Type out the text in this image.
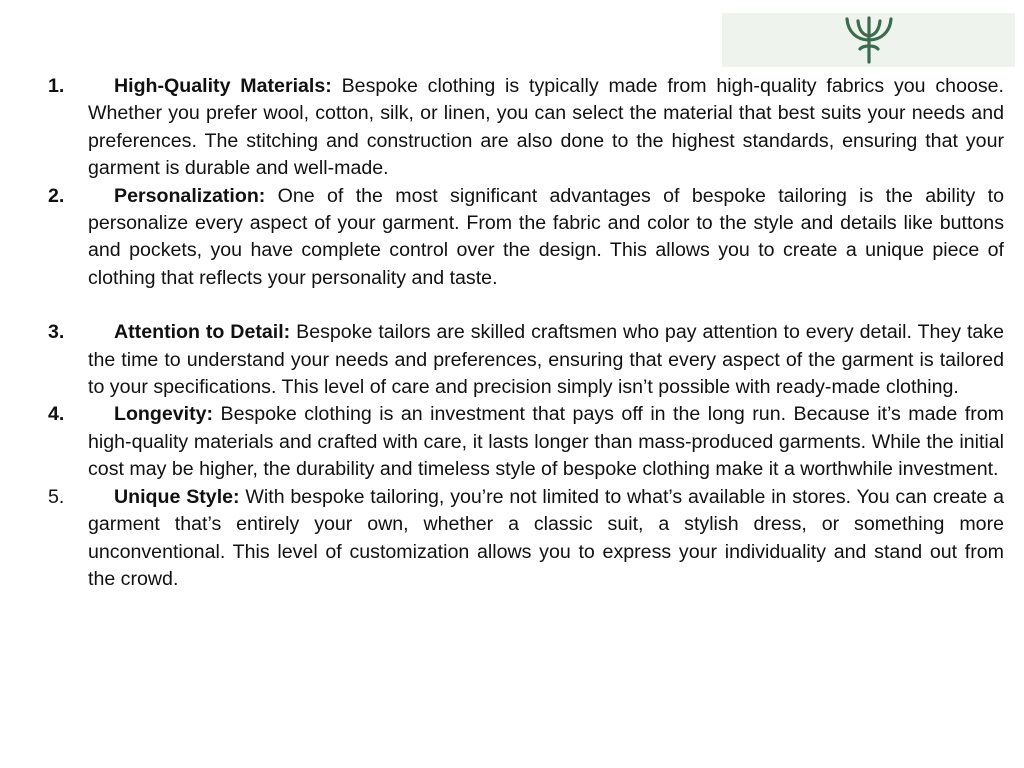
1.	High-Quality Materials: Bespoke clothing is typically made from high-quality fabrics you choose. Whether you prefer wool, cotton, silk, or linen, you can select the material that best suits your needs and preferences. The stitching and construction are also done to the highest standards, ensuring that your garment is durable and well-made.
2.	Personalization: One of the most significant advantages of bespoke tailoring is the ability to personalize every aspect of your garment. From the fabric and color to the style and details like buttons and pockets, you have complete control over the design. This allows you to create a unique piece of clothing that reflects your personality and taste.
3.	Attention to Detail: Bespoke tailors are skilled craftsmen who pay attention to every detail. They take the time to understand your needs and preferences, ensuring that every aspect of the garment is tailored to your specifications. This level of care and precision simply isn’t possible with ready-made clothing.
4.	Longevity: Bespoke clothing is an investment that pays off in the long run. Because it’s made from high-quality materials and crafted with care, it lasts longer than mass-produced garments. While the initial cost may be higher, the durability and timeless style of bespoke clothing make it a worthwhile investment.
5.	Unique Style: With bespoke tailoring, you’re not limited to what’s available in stores. You can create a garment that’s entirely your own, whether a classic suit, a stylish dress, or something more unconventional. This level of customization allows you to express your individuality and stand out from the crowd.
